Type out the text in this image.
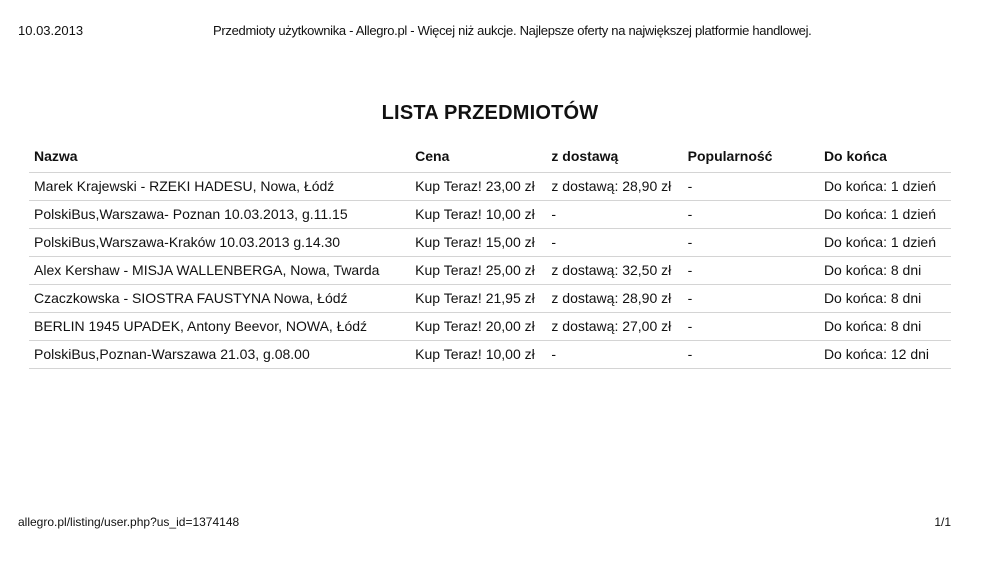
10.03.2013	Przedmioty użytkownika - Allegro.pl - Więcej niż aukcje. Najlepsze oferty na największej platformie handlowej.
LISTA PRZEDMIOTÓW
Nazwa	Cena	z dostawą	Popularność	Do końca
Marek Krajewski - RZEKI HADESU, Nowa, Łódź	Kup Teraz! 23,00 zł	z dostawą: 28,90 zł	-	Do końca: 1 dzień
PolskiBus,Warszawa- Poznan 10.03.2013, g.11.15	Kup Teraz! 10,00 zł	-	-	Do końca: 1 dzień
PolskiBus,Warszawa-Kraków 10.03.2013 g.14.30	Kup Teraz! 15,00 zł	-	-	Do końca: 1 dzień
Alex Kershaw - MISJA WALLENBERGA, Nowa, Twarda	Kup Teraz! 25,00 zł	z dostawą: 32,50 zł	-	Do końca: 8 dni
Czaczkowska - SIOSTRA FAUSTYNA Nowa, Łódź	Kup Teraz! 21,95 zł	z dostawą: 28,90 zł	-	Do końca: 8 dni
BERLIN 1945 UPADEK, Antony Beevor, NOWA, Łódź	Kup Teraz! 20,00 zł	z dostawą: 27,00 zł	-	Do końca: 8 dni
PolskiBus,Poznan-Warszawa 21.03, g.08.00	Kup Teraz! 10,00 zł	-	-	Do końca: 12 dni
allegro.pl/listing/user.php?us_id=1374148	1/1
